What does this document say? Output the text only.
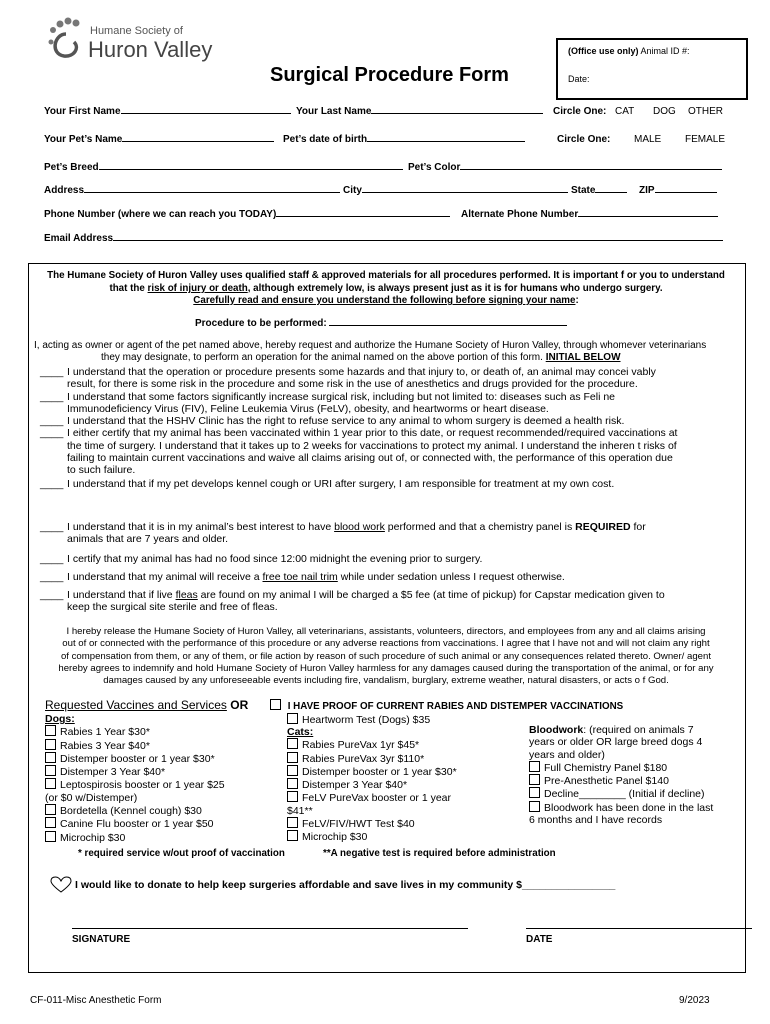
Humane Society of
Huron Valley
Surgical Procedure Form
(Office use only) Animal ID #:
Date:
Your First Name	Your Last Name	Circle One: CAT DOG OTHER
Your Pet’s Name	Pet’s date of birth	Circle One: MALE FEMALE
Pet’s Breed	Pet’s Color
Address	City	State	ZIP
Phone Number (where we can reach you TODAY)	Alternate Phone Number
Email Address
The Humane Society of Huron Valley uses qualified staff & approved materials for all procedures performed. It is important f or you to understand
that the risk of injury or death, although extremely low, is always present just as it is for humans who undergo surgery.
Carefully read and ensure you understand the following before signing your name:
Procedure to be performed:
I, acting as owner or agent of the pet named above, hereby request and authorize the Humane Society of Huron Valley, through whomever veterinarians
they may designate, to perform an operation for the animal named on the above portion of this form. INITIAL BELOW
____ I understand that the operation or procedure presents some hazards and that injury to, or death of, an animal may concei vably
result, for there is some risk in the procedure and some risk in the use of anesthetics and drugs provided for the procedure.
____ I understand that some factors significantly increase surgical risk, including but not limited to: diseases such as Feli ne
Immunodeficiency Virus (FIV), Feline Leukemia Virus (FeLV), obesity, and heartworms or heart disease.
____ I understand that the HSHV Clinic has the right to refuse service to any animal to whom surgery is deemed a health risk.
____ I either certify that my animal has been vaccinated within 1 year prior to this date, or request recommended/required vaccinations at
the time of surgery. I understand that it takes up to 2 weeks for vaccinations to protect my animal. I understand the inheren t risks of
failing to maintain current vaccinations and waive all claims arising out of, or connected with, the performance of this operation due
to such failure.
____ I understand that if my pet develops kennel cough or URI after surgery, I am responsible for treatment at my own cost.
____ I understand that it is in my animal’s best interest to have blood work performed and that a chemistry panel is REQUIRED for
animals that are 7 years and older.
____ I certify that my animal has had no food since 12:00 midnight the evening prior to surgery.
____ I understand that my animal will receive a free toe nail trim while under sedation unless I request otherwise.
____ I understand that if live fleas are found on my animal I will be charged a $5 fee (at time of pickup) for Capstar medication given to
keep the surgical site sterile and free of fleas.
I hereby release the Humane Society of Huron Valley, all veterinarians, assistants, volunteers, directors, and employees from any and all claims arising
out of or connected with the performance of this procedure or any adverse reactions from vaccinations. I agree that I have not and will not claim any right
of compensation from them, or any of them, or file action by reason of such procedure of such animal or any consequences related thereto. Owner/ agent
hereby agrees to indemnify and hold Humane Society of Huron Valley harmless for any damages caused during the transportation of the animal, or for any
damages caused by any unforeseeable events including fire, vandalism, burglary, extreme weather, natural disasters, or acts o f God.
Requested Vaccines and Services OR	I HAVE PROOF OF CURRENT RABIES AND DISTEMPER VACCINATIONS
Heartworm Test (Dogs) $35
Dogs:
Rabies 1 Year $30*
Rabies 3 Year $40*
Distemper booster or 1 year $30*
Distemper 3 Year $40*
Leptospirosis booster or 1 year $25
(or $0 w/Distemper)
Bordetella (Kennel cough) $30
Canine Flu booster or 1 year $50
Microchip $30
Cats:
Rabies PureVax 1yr $45*
Rabies PureVax 3yr $110*
Distemper booster or 1 year $30*
Distemper 3 Year $40*
FeLV PureVax booster or 1 year
$41**
FeLV/FIV/HWT Test $40
Microchip $30
Bloodwork: (required on animals 7
years or older OR large breed dogs 4
years and older)
Full Chemistry Panel $180
Pre-Anesthetic Panel $140
Decline________ (Initial if decline)
Bloodwork has been done in the last
6 months and I have records
* required service w/out proof of vaccination	**A negative test is required before administration
I would like to donate to help keep surgeries affordable and save lives in my community $________________
SIGNATURE	DATE
CF-011-Misc Anesthetic Form	9/2023
